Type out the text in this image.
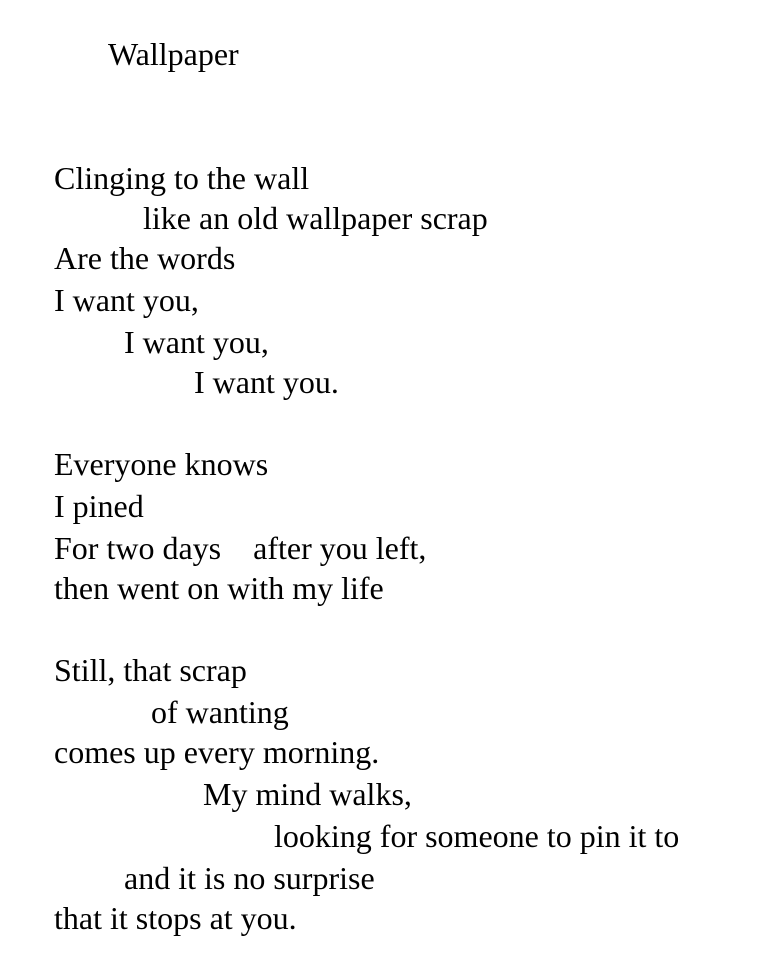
Wallpaper
Clinging to the wall
like an old wallpaper scrap
Are the words
I want you,
I want you,
I want you.
Everyone knows
I pined
For two days    after you left,
then went on with my life
Still, that scrap
of wanting
comes up every morning.
My mind walks,
looking for someone to pin it to
and it is no surprise
that it stops at you.
